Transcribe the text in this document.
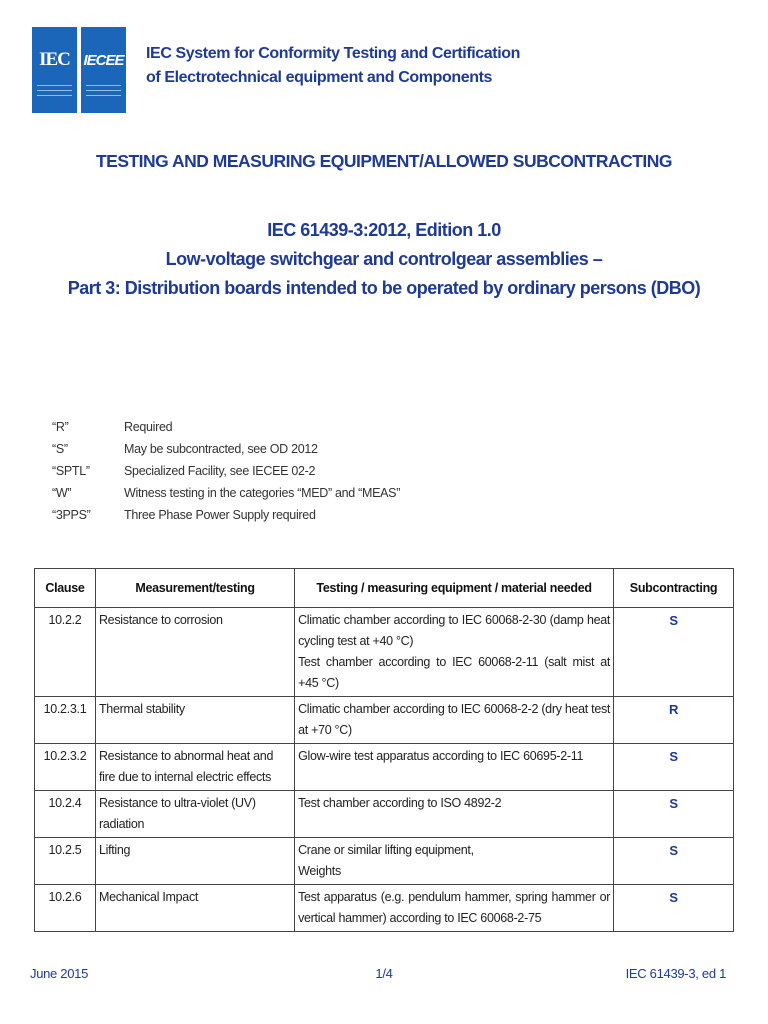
IEC IECEE IEC System for Conformity Testing and Certification
of Electrotechnical equipment and Components
TESTING AND MEASURING EQUIPMENT/ALLOWED SUBCONTRACTING
IEC 61439-3:2012, Edition 1.0
Low-voltage switchgear and controlgear assemblies –
Part 3: Distribution boards intended to be operated by ordinary persons (DBO)
“R”	Required
“S”	May be subcontracted, see OD 2012
“SPTL”	Specialized Facility, see IECEE 02-2
“W”	Witness testing in the categories “MED” and “MEAS”
“3PPS”	Three Phase Power Supply required
Clause	Measurement/testing	Testing / measuring equipment / material needed	Subcontracting
10.2.2	Resistance to corrosion	Climatic chamber according to IEC 60068-2-30 (damp heat cycling test at +40 °C)
Test chamber according to IEC 60068-2-11 (salt mist at +45 °C)	S
10.2.3.1	Thermal stability	Climatic chamber according to IEC 60068-2-2 (dry heat test at +70 °C)	R
10.2.3.2	Resistance to abnormal heat and fire due to internal electric effects	Glow-wire test apparatus according to IEC 60695-2-11	S
10.2.4	Resistance to ultra-violet (UV) radiation	Test chamber according to ISO 4892-2	S
10.2.5	Lifting	Crane or similar lifting equipment,
Weights	S
10.2.6	Mechanical Impact	Test apparatus (e.g. pendulum hammer, spring hammer or vertical hammer) according to IEC 60068-2-75	S
June 2015	1/4	IEC 61439-3, ed 1
